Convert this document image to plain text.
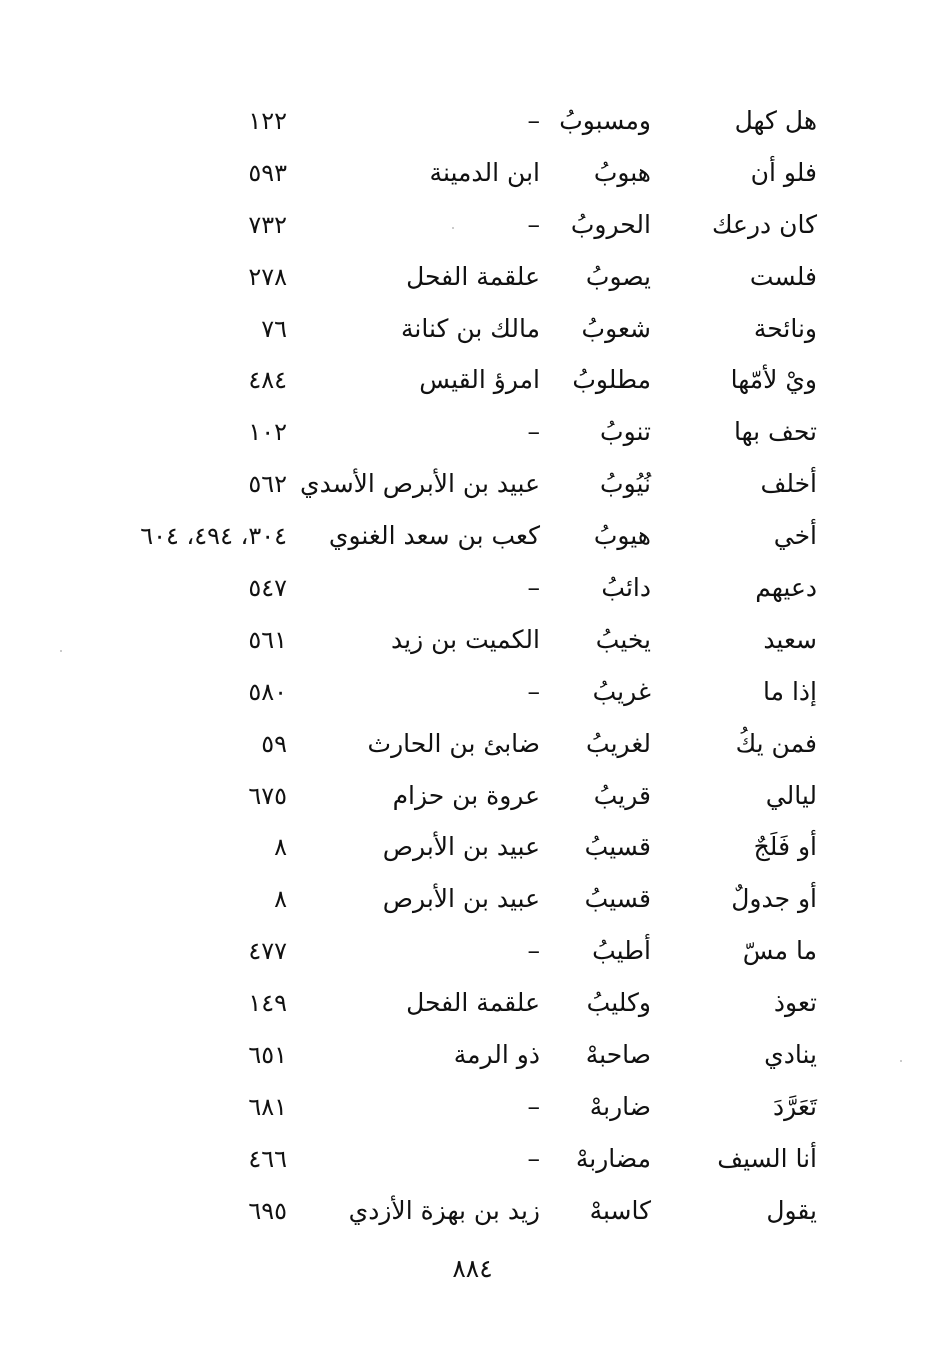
هل كهل
ومسبوبُ
–
١٢٢
فلو أن
هبوبُ
ابن الدمينة
٥٩٣
كان درعك
الحروبُ
–
٧٣٢
فلست
يصوبُ
علقمة الفحل
٢٧٨
ونائحة
شعوبُ
مالك بن كنانة
٧٦
ويْ لأمّها
مطلوبُ
امرؤ القيس
٤٨٤
تحف بها
تنوبُ
–
١٠٢
أخلف
نُيُوبُ
عبيد بن الأبرص الأسدي
٥٦٢
أخي
هيوبُ
كعب بن سعد الغنوي
٣٠٤، ٤٩٤، ٦٠٤
دعيهم
دائبُ
–
٥٤٧
سعيد
يخيبُ
الكميت بن زيد
٥٦١
إذا ما
غريبُ
–
٥٨٠
فمن يكُ
لغريبُ
ضابئ بن الحارث
٥٩
ليالي
قريبُ
عروة بن حزام
٦٧٥
أو فَلَجٌ
قسيبُ
عبيد بن الأبرص
٨
أو جدولٌ
قسيبُ
عبيد بن الأبرص
٨
ما مسّ
أطيبُ
–
٤٧٧
تعوذ
وكليبُ
علقمة الفحل
١٤٩
ينادي
صاحبهْ
ذو الرمة
٦٥١
تَعَرَّدَ
ضاربهْ
–
٦٨١
أنا السيف
مضاربهْ
–
٤٦٦
يقول
كاسبهْ
زيد بن بهزة الأزدي
٦٩٥
٨٨٤
